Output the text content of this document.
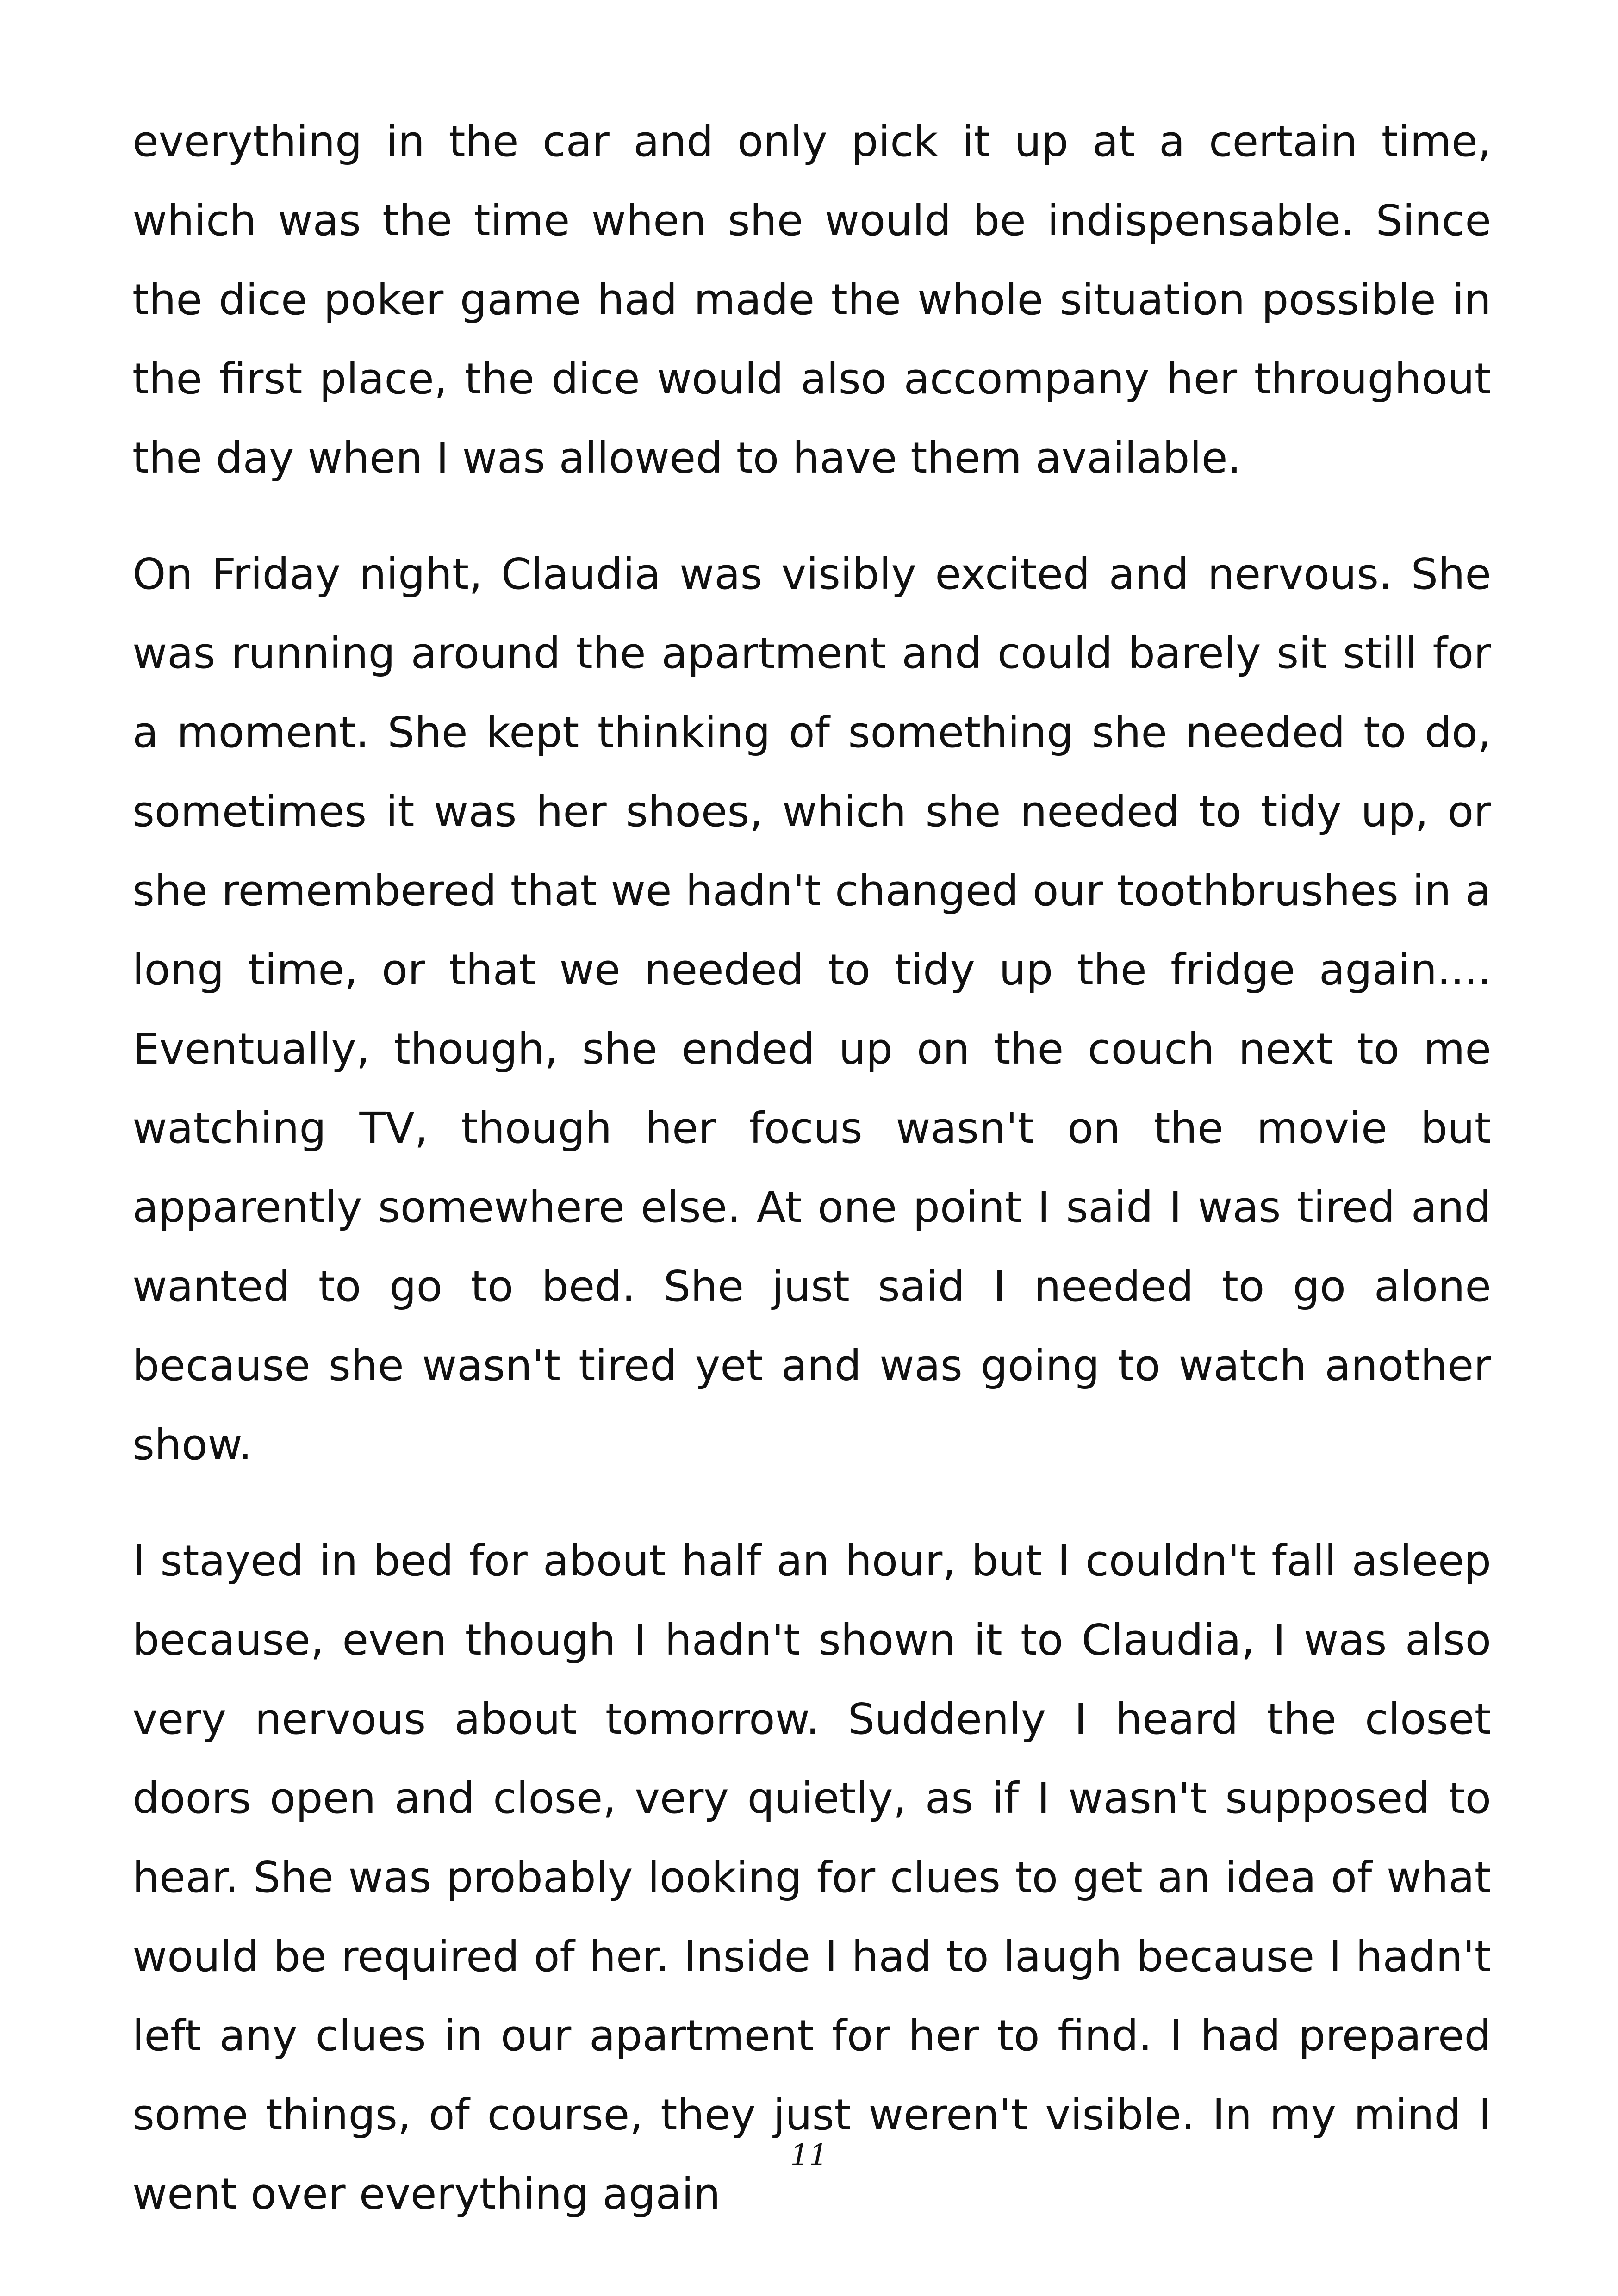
everything in the car and only pick it up at a certain time, which was the time when she would be indispensable. Since the dice poker game had made the whole situation possible in the first place, the dice would also accompany her throughout the day when I was allowed to have them available.

On Friday night, Claudia was visibly excited and nervous. She was running around the apartment and could barely sit still for a moment. She kept thinking of something she needed to do, sometimes it was her shoes, which she needed to tidy up, or she remembered that we hadn't changed our toothbrushes in a long time, or that we needed to tidy up the fridge again.... Eventually, though, she ended up on the couch next to me watching TV, though her focus wasn't on the movie but apparently somewhere else. At one point I said I was tired and wanted to go to bed. She just said I needed to go alone because she wasn't tired yet and was going to watch another show.

I stayed in bed for about half an hour, but I couldn't fall asleep because, even though I hadn't shown it to Claudia, I was also very nervous about tomorrow. Suddenly I heard the closet doors open and close, very quietly, as if I wasn't supposed to hear. She was probably looking for clues to get an idea of what would be required of her. Inside I had to laugh because I hadn't left any clues in our apartment for her to find. I had prepared some things, of course, they just weren't visible. In my mind I went over everything again

11
